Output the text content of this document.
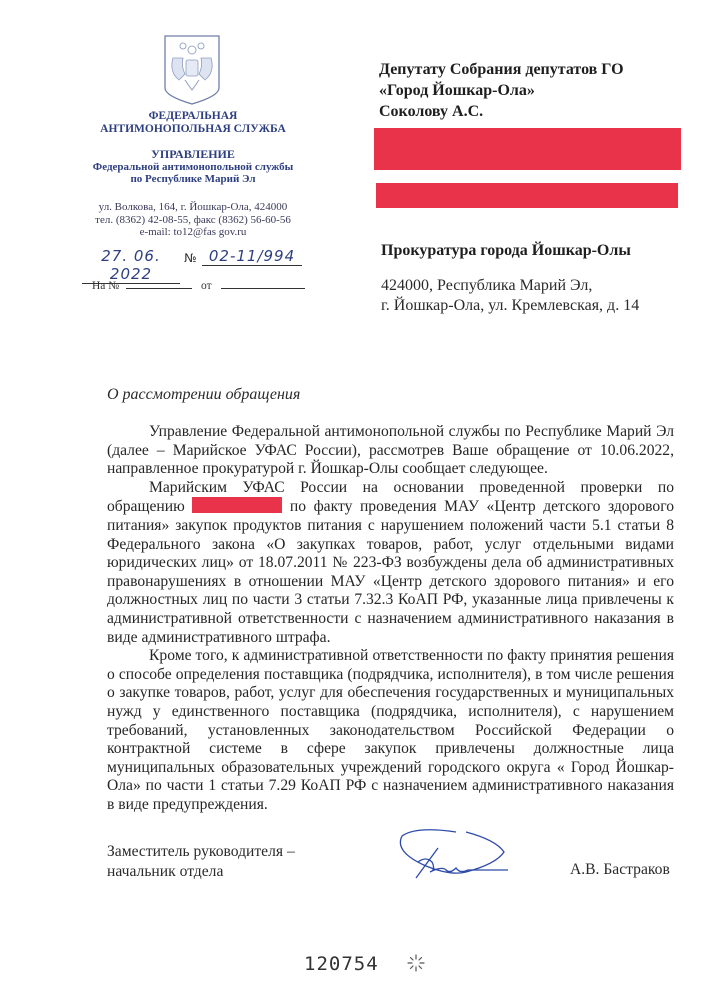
ФЕДЕРАЛЬНАЯ
АНТИМОНОПОЛЬНАЯ СЛУЖБА
УПРАВЛЕНИЕ
Федеральной антимонопольной службы
по Республике Марий Эл
ул. Волкова, 164, г. Йошкар-Ола, 424000
тел. (8362) 42-08-55, факс (8362) 56-60-56
e-mail: to12@fas gov.ru
27. 06. 2022
№ 02-11/994
На №	от
Депутату Собрания депутатов ГО
«Город Йошкар-Ола»
Соколову А.С.
Прокуратура города Йошкар-Олы
424000, Республика Марий Эл,
г. Йошкар-Ола, ул. Кремлевская, д. 14
О рассмотрении обращения

Управление Федеральной антимонопольной службы по Республике Марий Эл (далее – Марийское УФАС России), рассмотрев Ваше обращение от 10.06.2022, направленное прокуратурой г. Йошкар-Олы сообщает следующее.

Марийским УФАС России на основании проведенной проверки по обращению	по факту проведения МАУ «Центр детского здорового питания» закупок продуктов питания с нарушением положений части 5.1 статьи 8 Федерального закона «О закупках товаров, работ, услуг отдельными видами юридических лиц» от 18.07.2011 № 223-ФЗ возбуждены дела об административных правонарушениях в отношении МАУ «Центр детского здорового питания» и его должностных лиц по части 3 статьи 7.32.3 КоАП РФ, указанные лица привлечены к административной ответственности с назначением административного наказания в виде административного штрафа.

Кроме того, к административной ответственности по факту принятия решения о способе определения поставщика (подрядчика, исполнителя), в том числе решения о закупке товаров, работ, услуг для обеспечения государственных и муниципальных нужд у единственного поставщика (подрядчика, исполнителя), с нарушением требований, установленных законодательством Российской Федерации о контрактной системе в сфере закупок привлечены должностные лица муниципальных образовательных учреждений городского округа « Город Йошкар-Ола» по части 1 статьи 7.29 КоАП РФ с назначением административного наказания в виде предупреждения.

Заместитель руководителя –
начальник отдела	А.В. Бастраков
120754
